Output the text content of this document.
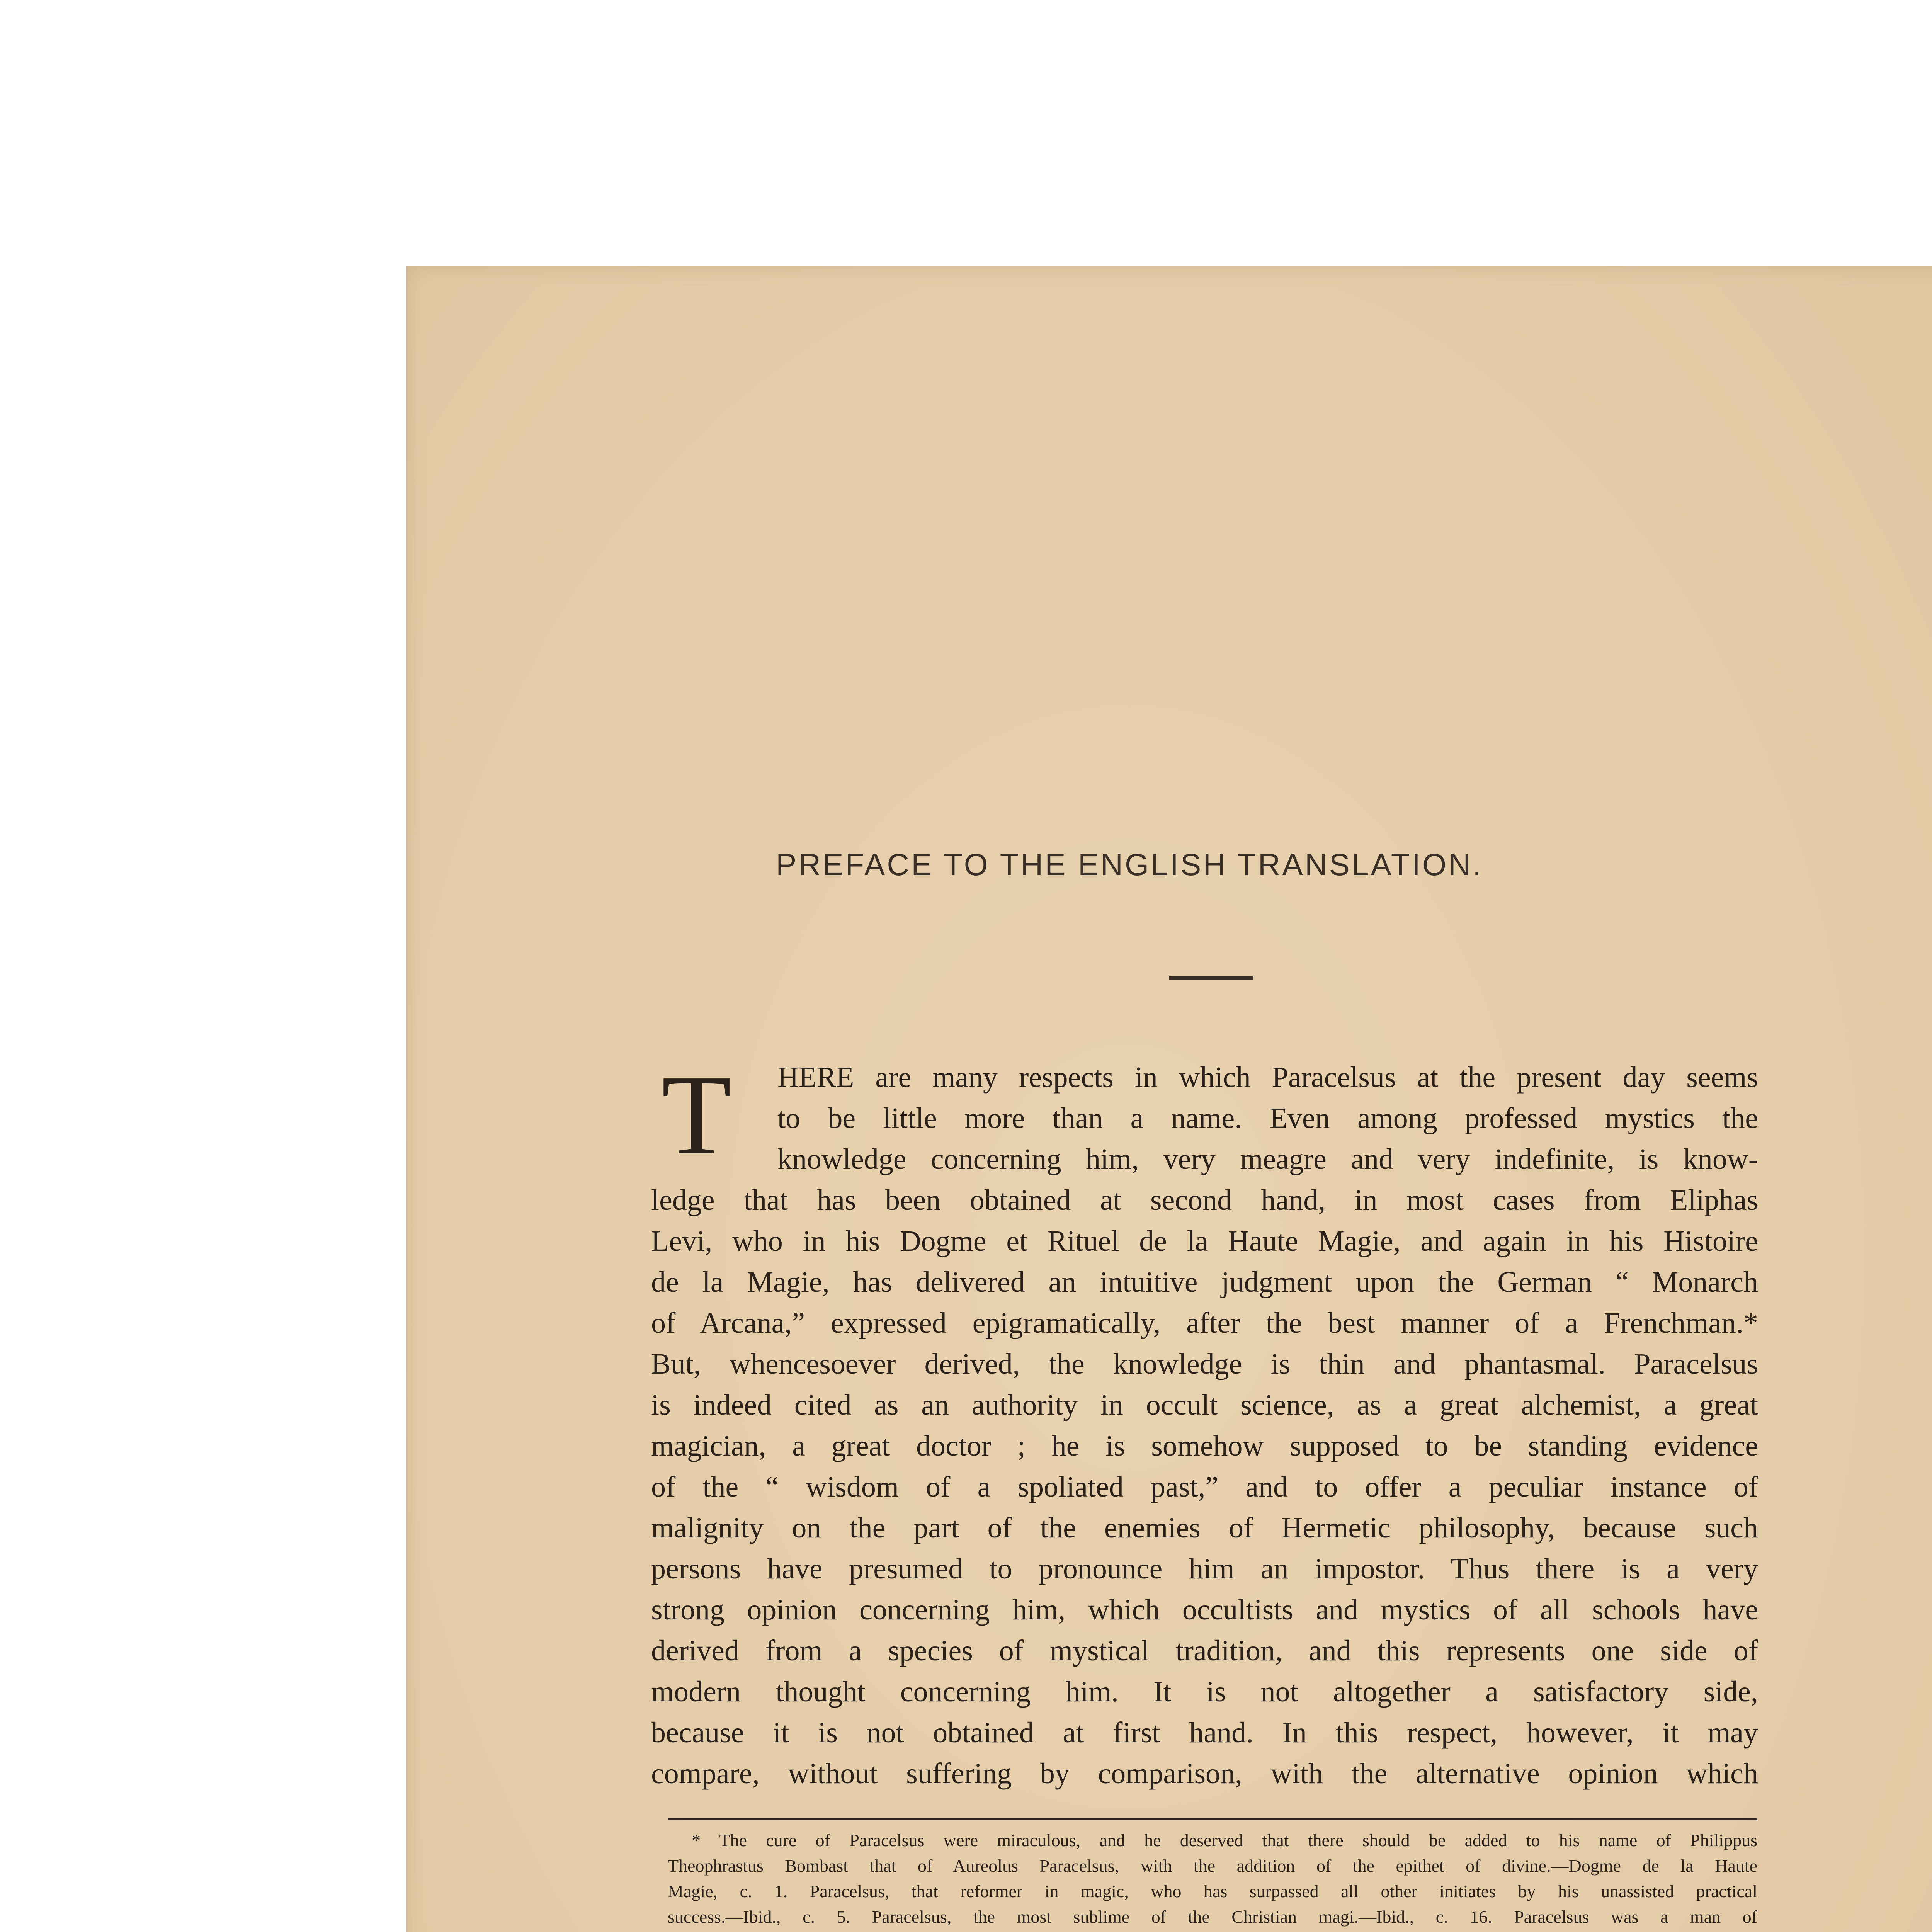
PREFACE TO THE ENGLISH TRANSLATION.
T HERE are many respects in which Paracelsus at the present day seems
to be little more than a name. Even among professed mystics the
knowledge concerning him, very meagre and very indefinite, is know-
ledge that has been obtained at second hand, in most cases from Eliphas
Levi, who in his Dogme et Rituel de la Haute Magie, and again in his Histoire
de la Magie, has delivered an intuitive judgment upon the German “ Monarch
of Arcana,” expressed epigramatically, after the best manner of a Frenchman.*
But, whencesoever derived, the knowledge is thin and phantasmal. Paracelsus
is indeed cited as an authority in occult science, as a great alchemist, a great
magician, a great doctor ; he is somehow supposed to be standing evidence
of the “ wisdom of a spoliated past,” and to offer a peculiar instance of
malignity on the part of the enemies of Hermetic philosophy, because such
persons have presumed to pronounce him an impostor. Thus there is a very
strong opinion concerning him, which occultists and mystics of all schools have
derived from a species of mystical tradition, and this represents one side of
modern thought concerning him. It is not altogether a satisfactory side,
because it is not obtained at first hand. In this respect, however, it may
compare, without suffering by comparison, with the alternative opinion which
* The cure of Paracelsus were miraculous, and he deserved that there should be added to his name of Philippus
Theophrastus Bombast that of Aureolus Paracelsus, with the addition of the epithet of divine.—Dogme de la Haute
Magie, c. 1. Paracelsus, that reformer in magic, who has surpassed all other initiates by his unassisted practical
success.—Ibid., c. 5. Paracelsus, the most sublime of the Christian magi.—Ibid., c. 16. Paracelsus was a man of
